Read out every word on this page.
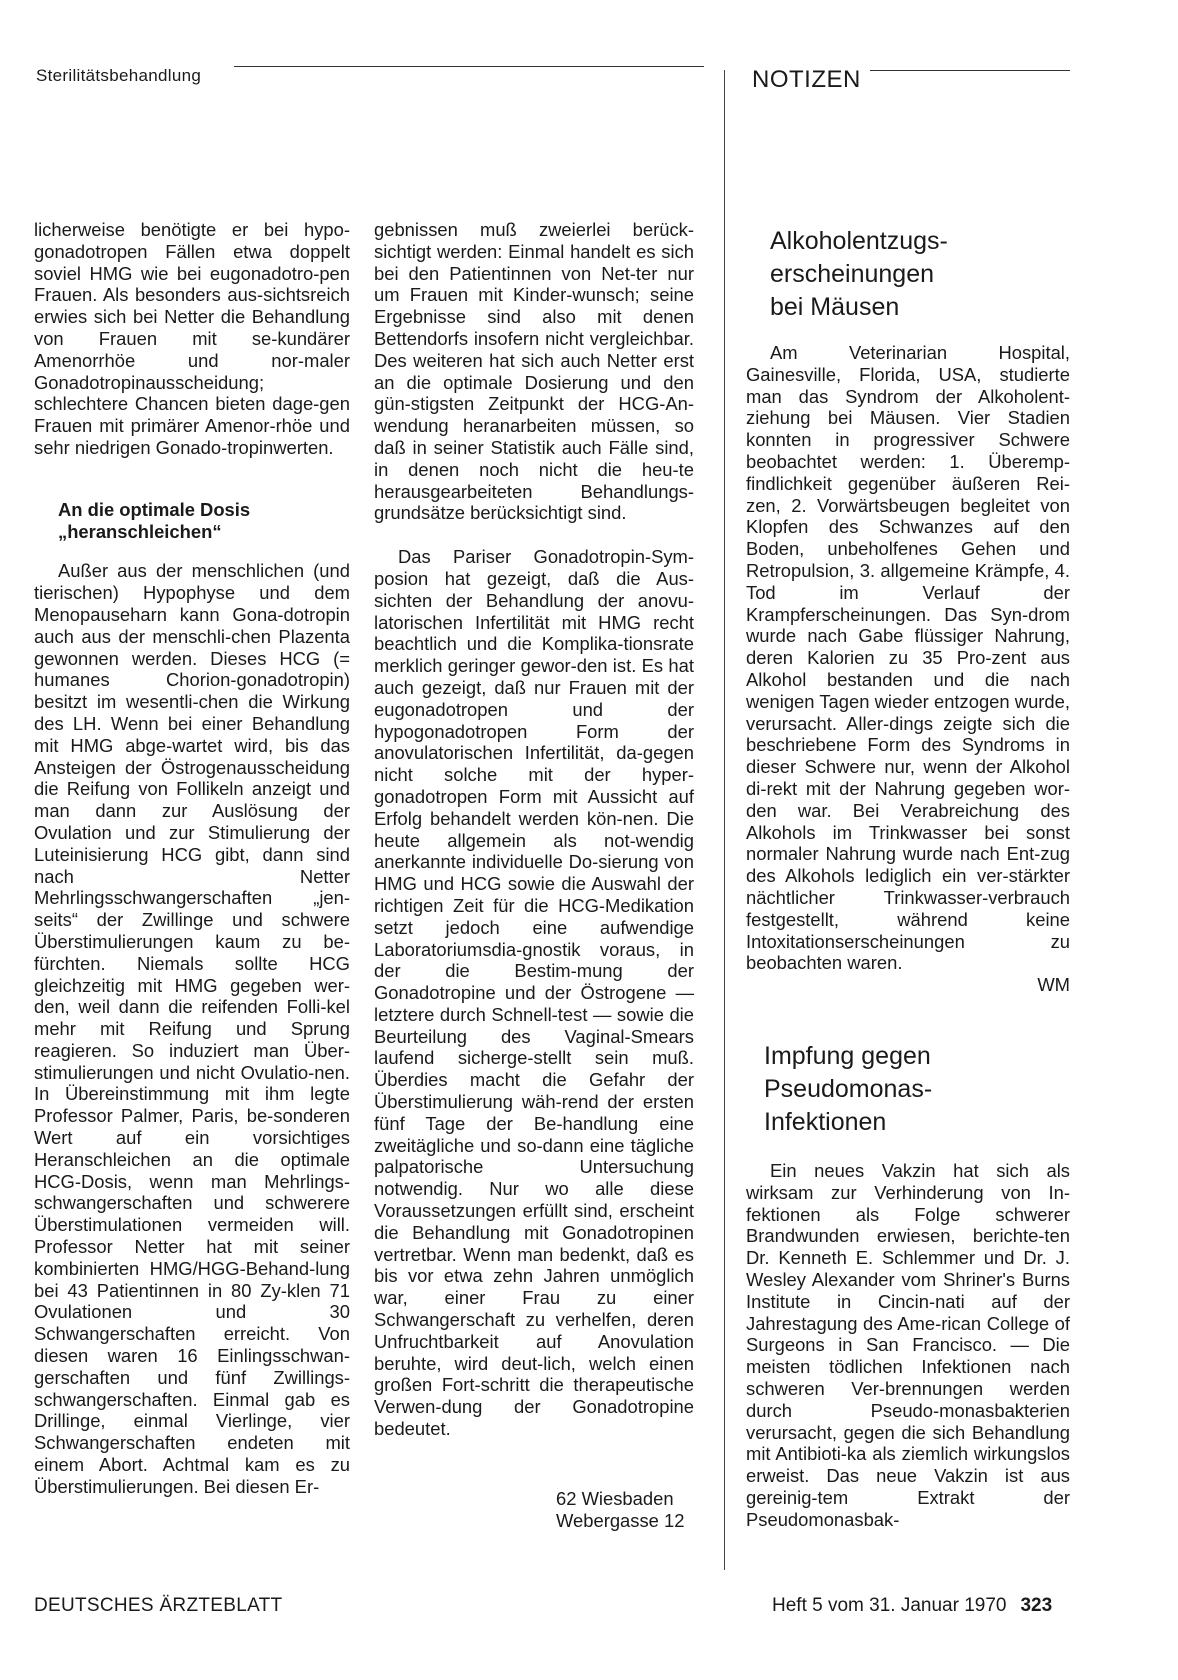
Sterilitätsbehandlung	NOTIZEN

licherweise benötigte er bei hypo-gonadotropen Fällen etwa doppelt soviel HMG wie bei eugonadotro-pen Frauen. Als besonders aus-sichtsreich erwies sich bei Netter die Behandlung von Frauen mit se-kundärer Amenorrhöe und nor-maler Gonadotropinausscheidung; schlechtere Chancen bieten dage-gen Frauen mit primärer Amenor-rhöe und sehr niedrigen Gonado-tropinwerten.

An die optimale Dosis
„heranschleichen“

Außer aus der menschlichen (und tierischen) Hypophyse und dem Menopauseharn kann Gona-dotropin auch aus der menschli-chen Plazenta gewonnen werden. Dieses HCG (= humanes Chorion-gonadotropin) besitzt im wesentli-chen die Wirkung des LH. Wenn bei einer Behandlung mit HMG abge-wartet wird, bis das Ansteigen der Östrogenausscheidung die Reifung von Follikeln anzeigt und man dann zur Auslösung der Ovulation und zur Stimulierung der Luteinisierung HCG gibt, dann sind nach Netter Mehrlingsschwangerschaften „jen-seits“ der Zwillinge und schwere Überstimulierungen kaum zu be-fürchten. Niemals sollte HCG gleichzeitig mit HMG gegeben wer-den, weil dann die reifenden Folli-kel mehr mit Reifung und Sprung reagieren. So induziert man Über-stimulierungen und nicht Ovulatio-nen. In Übereinstimmung mit ihm legte Professor Palmer, Paris, be-sonderen Wert auf ein vorsichtiges Heranschleichen an die optimale HCG-Dosis, wenn man Mehrlings-schwangerschaften und schwerere Überstimulationen vermeiden will. Professor Netter hat mit seiner kombinierten HMG/HGG-Behand-lung bei 43 Patientinnen in 80 Zy-klen 71 Ovulationen und 30 Schwangerschaften erreicht. Von diesen waren 16 Einlingsschwan-gerschaften und fünf Zwillings-schwangerschaften. Einmal gab es Drillinge, einmal Vierlinge, vier Schwangerschaften endeten mit einem Abort. Achtmal kam es zu Überstimulierungen. Bei diesen Er-

gebnissen muß zweierlei berück-sichtigt werden: Einmal handelt es sich bei den Patientinnen von Net-ter nur um Frauen mit Kinder-wunsch; seine Ergebnisse sind also mit denen Bettendorfs insofern nicht vergleichbar. Des weiteren hat sich auch Netter erst an die optimale Dosierung und den gün-stigsten Zeitpunkt der HCG-An-wendung heranarbeiten müssen, so daß in seiner Statistik auch Fälle sind, in denen noch nicht die heu-te herausgearbeiteten Behandlungs-grundsätze berücksichtigt sind.

Das Pariser Gonadotropin-Sym-posion hat gezeigt, daß die Aus-sichten der Behandlung der anovu-latorischen Infertilität mit HMG recht beachtlich und die Komplika-tionsrate merklich geringer gewor-den ist. Es hat auch gezeigt, daß nur Frauen mit der eugonadotropen und der hypogonadotropen Form der anovulatorischen Infertilität, da-gegen nicht solche mit der hyper-gonadotropen Form mit Aussicht auf Erfolg behandelt werden kön-nen. Die heute allgemein als not-wendig anerkannte individuelle Do-sierung von HMG und HCG sowie die Auswahl der richtigen Zeit für die HCG-Medikation setzt jedoch eine aufwendige Laboratoriumsdia-gnostik voraus, in der die Bestim-mung der Gonadotropine und der Östrogene — letztere durch Schnell-test — sowie die Beurteilung des Vaginal-Smears laufend sicherge-stellt sein muß. Überdies macht die Gefahr der Überstimulierung wäh-rend der ersten fünf Tage der Be-handlung eine zweitägliche und so-dann eine tägliche palpatorische Untersuchung notwendig. Nur wo alle diese Voraussetzungen erfüllt sind, erscheint die Behandlung mit Gonadotropinen vertretbar. Wenn man bedenkt, daß es bis vor etwa zehn Jahren unmöglich war, einer Frau zu einer Schwangerschaft zu verhelfen, deren Unfruchtbarkeit auf Anovulation beruhte, wird deut-lich, welch einen großen Fort-schritt die therapeutische Verwen-dung der Gonadotropine bedeutet.

62 Wiesbaden
Webergasse 12
Alkoholentzugs-
erscheinungen
bei Mäusen

Am Veterinarian Hospital, Gainesville, Florida, USA, studierte man das Syndrom der Alkoholent-ziehung bei Mäusen. Vier Stadien konnten in progressiver Schwere beobachtet werden: 1. Überemp-findlichkeit gegenüber äußeren Rei-zen, 2. Vorwärtsbeugen begleitet von Klopfen des Schwanzes auf den Boden, unbeholfenes Gehen und Retropulsion, 3. allgemeine Krämpfe, 4. Tod im Verlauf der Krampferscheinungen. Das Syn-drom wurde nach Gabe flüssiger Nahrung, deren Kalorien zu 35 Pro-zent aus Alkohol bestanden und die nach wenigen Tagen wieder entzogen wurde, verursacht. Aller-dings zeigte sich die beschriebene Form des Syndroms in dieser Schwere nur, wenn der Alkohol di-rekt mit der Nahrung gegeben wor-den war. Bei Verabreichung des Alkohols im Trinkwasser bei sonst normaler Nahrung wurde nach Ent-zug des Alkohols lediglich ein ver-stärkter nächtlicher Trinkwasser-verbrauch festgestellt, während keine Intoxitationserscheinungen zu beobachten waren.

WM

Impfung gegen
Pseudomonas-
Infektionen

Ein neues Vakzin hat sich als wirksam zur Verhinderung von In-fektionen als Folge schwerer Brandwunden erwiesen, berichte-ten Dr. Kenneth E. Schlemmer und Dr. J. Wesley Alexander vom Shriner's Burns Institute in Cincin-nati auf der Jahrestagung des Ame-rican College of Surgeons in San Francisco. — Die meisten tödlichen Infektionen nach schweren Ver-brennungen werden durch Pseudo-monasbakterien verursacht, gegen die sich Behandlung mit Antibioti-ka als ziemlich wirkungslos erweist. Das neue Vakzin ist aus gereinig-tem Extrakt der Pseudomonasbak-

DEUTSCHES ÄRZTEBLATT	Heft 5 vom 31. Januar 1970 323
